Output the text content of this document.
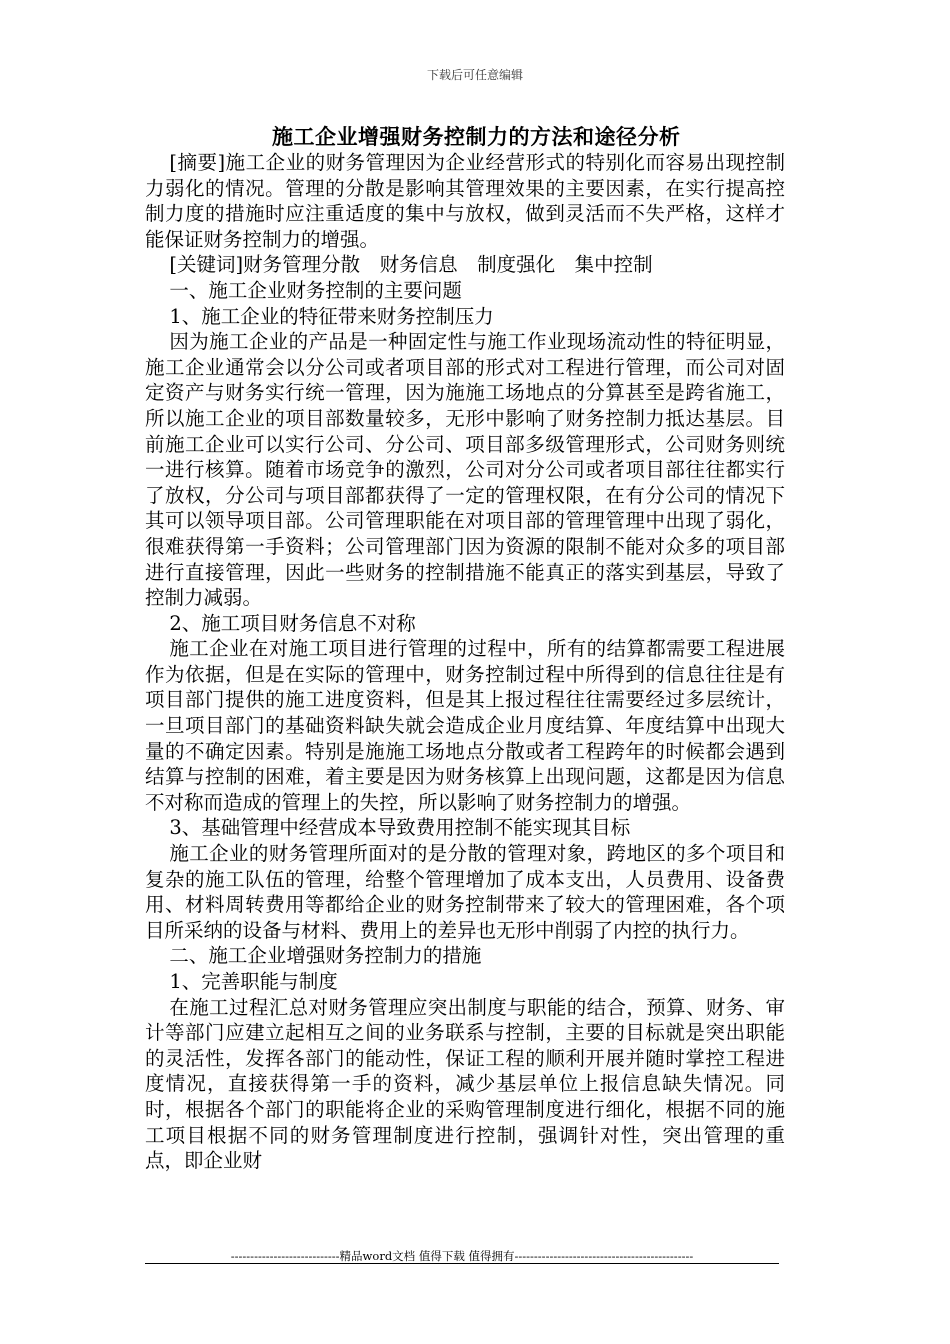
下载后可任意编辑
施工企业增强财务控制力的方法和途径分析

[摘要]施工企业的财务管理因为企业经营形式的特别化而容易出现控制力弱化的情况。管理的分散是影响其管理效果的主要因素，在实行提高控制力度的措施时应注重适度的集中与放权，做到灵活而不失严格，这样才能保证财务控制力的增强。

[关键词]财务管理分散　财务信息　制度强化　集中控制

一、施工企业财务控制的主要问题

1、施工企业的特征带来财务控制压力

因为施工企业的产品是一种固定性与施工作业现场流动性的特征明显，施工企业通常会以分公司或者项目部的形式对工程进行管理，而公司对固定资产与财务实行统一管理，因为施施工场地点的分算甚至是跨省施工，所以施工企业的项目部数量较多，无形中影响了财务控制力抵达基层。目前施工企业可以实行公司、分公司、项目部多级管理形式，公司财务则统一进行核算。随着市场竞争的激烈，公司对分公司或者项目部往往都实行了放权，分公司与项目部都获得了一定的管理权限，在有分公司的情况下其可以领导项目部。公司管理职能在对项目部的管理管理中出现了弱化，很难获得第一手资料；公司管理部门因为资源的限制不能对众多的项目部进行直接管理，因此一些财务的控制措施不能真正的落实到基层，导致了控制力减弱。

2、施工项目财务信息不对称

施工企业在对施工项目进行管理的过程中，所有的结算都需要工程进展作为依据，但是在实际的管理中，财务控制过程中所得到的信息往往是有项目部门提供的施工进度资料，但是其上报过程往往需要经过多层统计，一旦项目部门的基础资料缺失就会造成企业月度结算、年度结算中出现大量的不确定因素。特别是施施工场地点分散或者工程跨年的时候都会遇到结算与控制的困难，着主要是因为财务核算上出现问题，这都是因为信息不对称而造成的管理上的失控，所以影响了财务控制力的增强。

3、基础管理中经营成本导致费用控制不能实现其目标

施工企业的财务管理所面对的是分散的管理对象，跨地区的多个项目和复杂的施工队伍的管理，给整个管理增加了成本支出，人员费用、设备费用、材料周转费用等都给企业的财务控制带来了较大的管理困难，各个项目所采纳的设备与材料、费用上的差异也无形中削弱了内控的执行力。

二、施工企业增强财务控制力的措施

1、完善职能与制度

在施工过程汇总对财务管理应突出制度与职能的结合，预算、财务、审计等部门应建立起相互之间的业务联系与控制，主要的目标就是突出职能的灵活性，发挥各部门的能动性，保证工程的顺利开展并随时掌控工程进度情况，直接获得第一手的资料，减少基层单位上报信息缺失情况。同时，根据各个部门的职能将企业的采购管理制度进行细化，根据不同的施工项目根据不同的财务管理制度进行控制，强调针对性，突出管理的重点，即企业财

----------------------------精品word文档 值得下载 值得拥有----------------------------------------------
